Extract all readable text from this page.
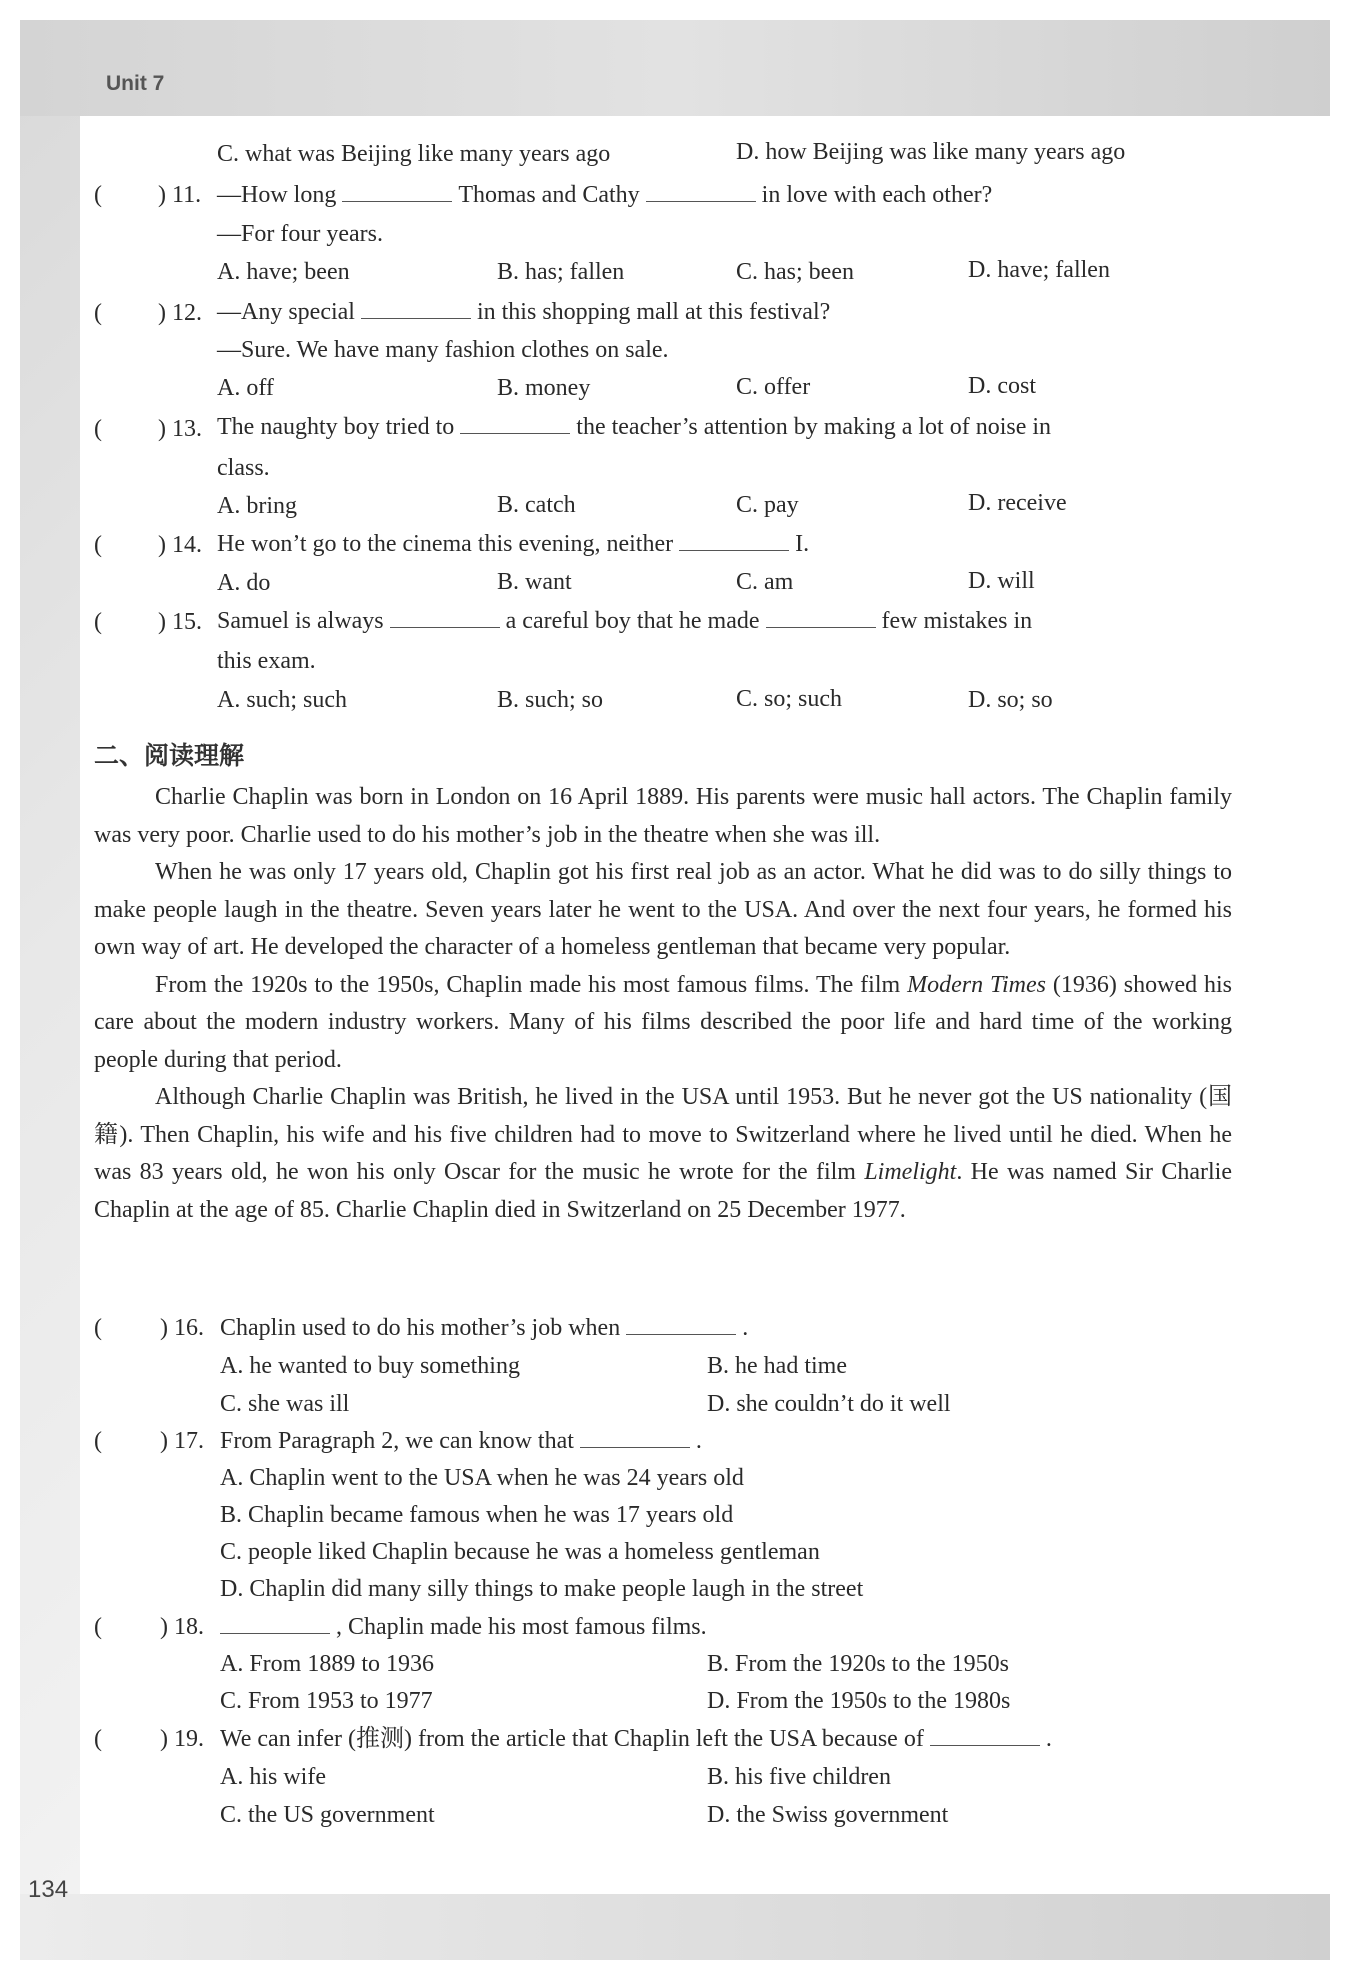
Unit 7
134
C. what was Beijing like many years ago	D. how Beijing was like many years ago
( ) 11. —How long	Thomas and Cathy	in love with each other?
—For four years.
A. have; been	B. has; fallen	C. has; been	D. have; fallen
( ) 12. —Any special	in this shopping mall at this festival?
—Sure. We have many fashion clothes on sale.
A. off	B. money	C. offer	D. cost
( ) 13. The naughty boy tried to	the teacher’s attention by making a lot of noise in
class.
A. bring	B. catch	C. pay	D. receive
( ) 14. He won’t go to the cinema this evening, neither	I.
A. do	B. want	C. am	D. will
( ) 15. Samuel is always	a careful boy that he made	few mistakes in
this exam.
A. such; such	B. such; so	C. so; such	D. so; so
二、阅读理解

Charlie Chaplin was born in London on 16 April 1889. His parents were music hall actors. The Chaplin family was very poor. Charlie used to do his mother’s job in the theatre when she was ill.

When he was only 17 years old, Chaplin got his first real job as an actor. What he did was to do silly things to make people laugh in the theatre. Seven years later he went to the USA. And over the next four years, he formed his own way of art. He developed the character of a homeless gentleman that became very popular.

From the 1920s to the 1950s, Chaplin made his most famous films. The film Modern Times (1936) showed his care about the modern industry workers. Many of his films described the poor life and hard time of the working people during that period.

Although Charlie Chaplin was British, he lived in the USA until 1953. But he never got the US nationality (国籍). Then Chaplin, his wife and his five children had to move to Switzerland where he lived until he died. When he was 83 years old, he won his only Oscar for the music he wrote for the film Limelight. He was named Sir Charlie Chaplin at the age of 85. Charlie Chaplin died in Switzerland on 25 December 1977.

( ) 16. Chaplin used to do his mother’s job when	.
A. he wanted to buy something	B. he had time
C. she was ill	D. she couldn’t do it well
( ) 17. From Paragraph 2, we can know that	.
A. Chaplin went to the USA when he was 24 years old
B. Chaplin became famous when he was 17 years old
C. people liked Chaplin because he was a homeless gentleman
D. Chaplin did many silly things to make people laugh in the street
( ) 18.	, Chaplin made his most famous films.
A. From 1889 to 1936	B. From the 1920s to the 1950s
C. From 1953 to 1977	D. From the 1950s to the 1980s
( ) 19. We can infer (推测) from the article that Chaplin left the USA because of	.
A. his wife	B. his five children
C. the US government	D. the Swiss government
